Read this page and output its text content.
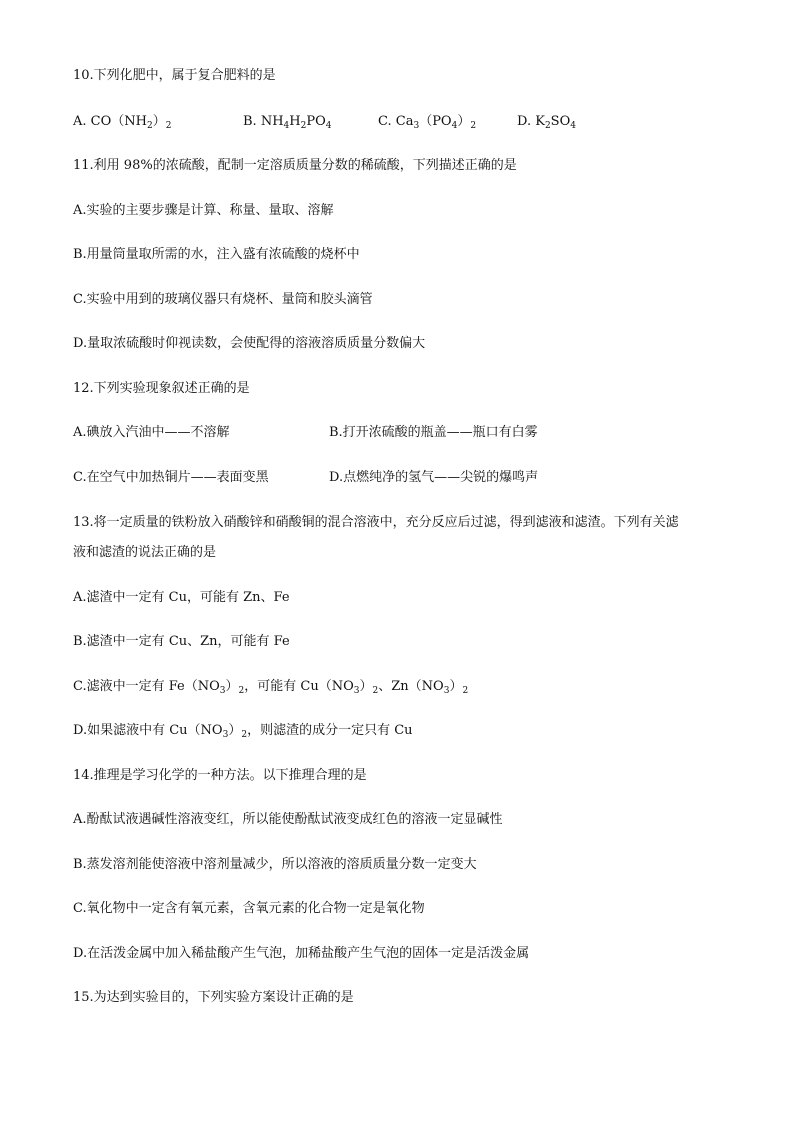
10.下列化肥中，属于复合肥料的是
A. $CO(NH_2)_2$	B. $NH_4H_2PO_4$	C. $Ca_3(PO_4)_2$	D. $K_2SO_4$
11.利用 98%的浓硫酸，配制一定溶质质量分数的稀硫酸，下列描述正确的是
A.实验的主要步骤是计算、称量、量取、溶解
B.用量筒量取所需的水，注入盛有浓硫酸的烧杯中
C.实验中用到的玻璃仪器只有烧杯、量筒和胶头滴管
D.量取浓硫酸时仰视读数，会使配得的溶液溶质质量分数偏大
12.下列实验现象叙述正确的是
A.碘放入汽油中——不溶解	B.打开浓硫酸的瓶盖——瓶口有白雾
C.在空气中加热铜片——表面变黑	D.点燃纯净的氢气——尖锐的爆鸣声
13.将一定质量的铁粉放入硝酸锌和硝酸铜的混合溶液中，充分反应后过滤，得到滤液和滤渣。下列有关滤
液和滤渣的说法正确的是
A.滤渣中一定有 Cu，可能有 Zn、Fe
B.滤渣中一定有 Cu、Zn，可能有 Fe
C.滤液中一定有 $Fe(NO_3)_2$，可能有 $Cu(NO_3)_2$、$Zn(NO_3)_2$
D.如果滤液中有 $Cu(NO_3)_2$，则滤渣的成分一定只有 Cu
14.推理是学习化学的一种方法。以下推理合理的是
A.酚酞试液遇碱性溶液变红，所以能使酚酞试液变成红色的溶液一定显碱性
B.蒸发溶剂能使溶液中溶剂量减少，所以溶液的溶质质量分数一定变大
C.氧化物中一定含有氧元素，含氧元素的化合物一定是氧化物
D.在活泼金属中加入稀盐酸产生气泡，加稀盐酸产生气泡的固体一定是活泼金属
15.为达到实验目的，下列实验方案设计正确的是
